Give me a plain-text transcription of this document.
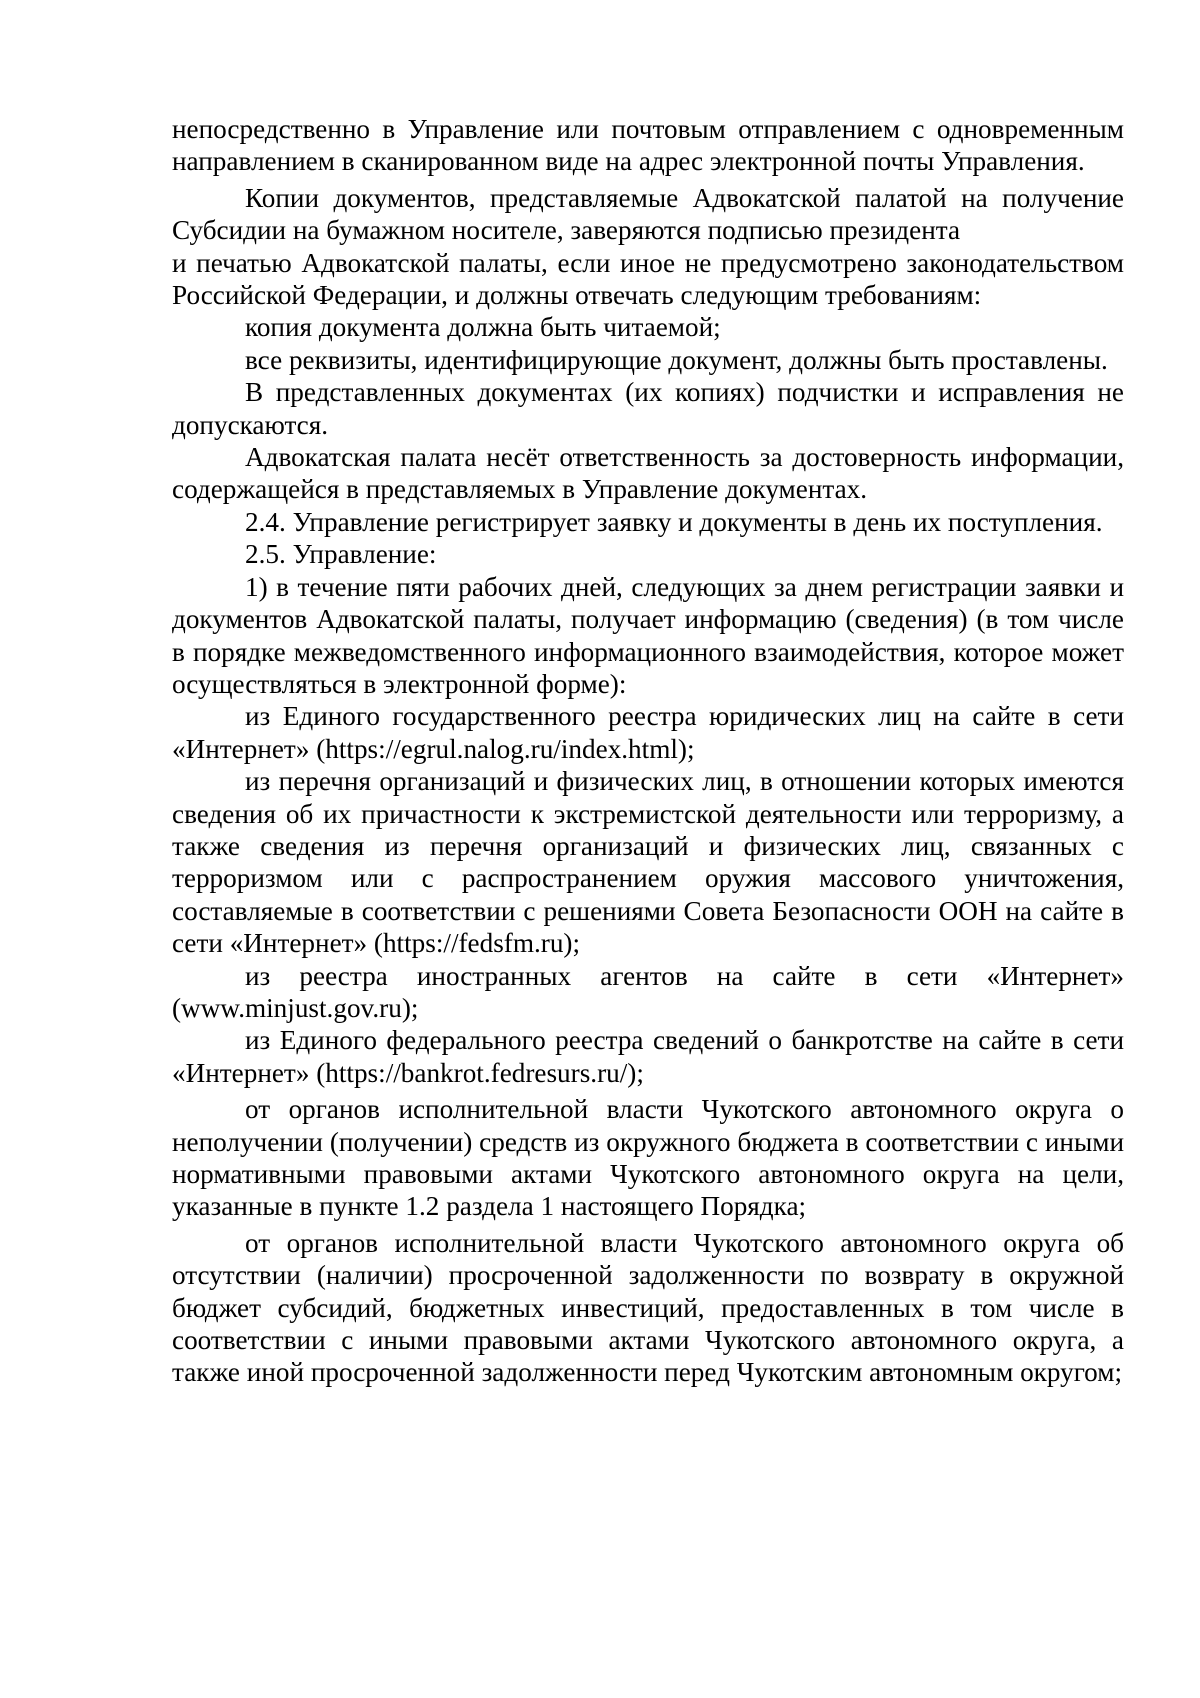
непосредственно в Управление или почтовым отправлением с одновременным направлением в сканированном виде на адрес электронной почты Управления.

Копии документов, представляемые Адвокатской палатой на получение Субсидии на бумажном носителе, заверяются подписью президента

и печатью Адвокатской палаты, если иное не предусмотрено законодательством Российской Федерации, и должны отвечать следующим требованиям:

копия документа должна быть читаемой;

все реквизиты, идентифицирующие документ, должны быть проставлены.

В представленных документах (их копиях) подчистки и исправления не допускаются.

Адвокатская палата несёт ответственность за достоверность информации, содержащейся в представляемых в Управление документах.

2.4. Управление регистрирует заявку и документы в день их поступления.

2.5. Управление:

1) в течение пяти рабочих дней, следующих за днем регистрации заявки и документов Адвокатской палаты, получает информацию (сведения) (в том числе в порядке межведомственного информационного взаимодействия, которое может осуществляться в электронной форме):

из Единого государственного реестра юридических лиц на сайте в сети «Интернет» (https://egrul.nalog.ru/index.html);

из перечня организаций и физических лиц, в отношении которых имеются сведения об их причастности к экстремистской деятельности или терроризму, а также сведения из перечня организаций и физических лиц, связанных с терроризмом или с распространением оружия массового уничтожения, составляемые в соответствии с решениями Совета Безопасности ООН на сайте в сети «Интернет» (https://fedsfm.ru);

из реестра иностранных агентов на сайте в сети «Интернет» (www.minjust.gov.ru);

из Единого федерального реестра сведений о банкротстве на сайте в сети «Интернет» (https://bankrot.fedresurs.ru/);

от органов исполнительной власти Чукотского автономного округа о неполучении (получении) средств из окружного бюджета в соответствии с иными нормативными правовыми актами Чукотского автономного округа на цели, указанные в пункте 1.2 раздела 1 настоящего Порядка;

от органов исполнительной власти Чукотского автономного округа об отсутствии (наличии) просроченной задолженности по возврату в окружной бюджет субсидий, бюджетных инвестиций, предоставленных в том числе в соответствии с иными правовыми актами Чукотского автономного округа, а также иной просроченной задолженности перед Чукотским автономным округом;
